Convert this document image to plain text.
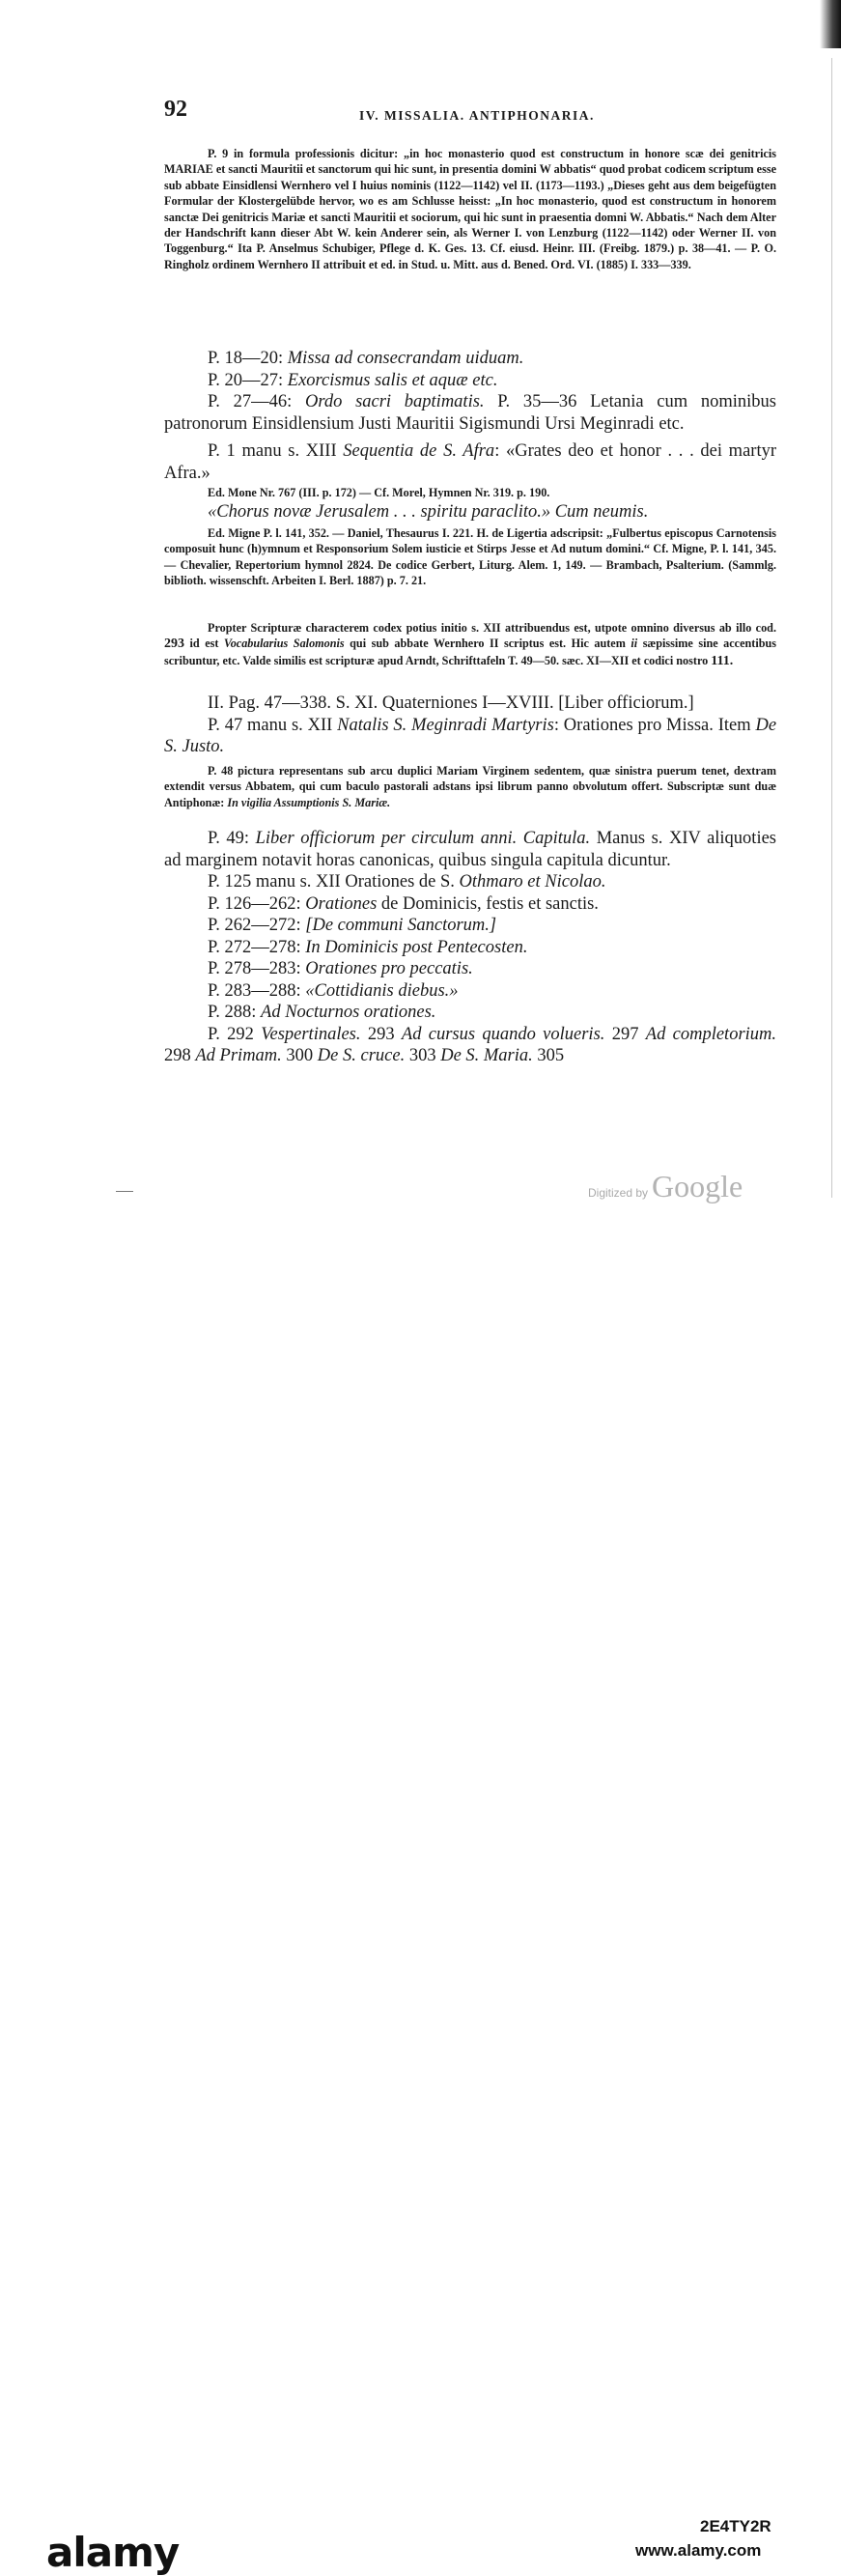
92	IV. MISSALIA. ANTIPHONARIA.

P. 9 in formula professionis dicitur: „in hoc monasterio quod est constructum in honore scæ dei genitricis MARIAE et sancti Mauritii et sanctorum qui hic sunt, in presentia domini W abbatis“ quod probat codicem scriptum esse sub abbate Einsidlensi Wernhero vel I huius nominis (1122—1142) vel II. (1173—1193.) „Dieses geht aus dem beigefügten Formular der Klostergelübde hervor, wo es am Schlusse heisst: „In hoc monasterio, quod est constructum in honorem sanctæ Dei genitricis Mariæ et sancti Mauritii et sociorum, qui hic sunt in praesentia domni W. Abbatis.“ Nach dem Alter der Handschrift kann dieser Abt W. kein Anderer sein, als Werner I. von Lenzburg (1122—1142) oder Werner II. von Toggenburg.“ Ita P. Anselmus Schubiger, Pflege d. K. Ges. 13. Cf. eiusd. Heinr. III. (Freibg. 1879.) p. 38—41. — P. O. Ringholz ordinem Wernhero II attribuit et ed. in Stud. u. Mitt. aus d. Bened. Ord. VI. (1885) I. 333—339.

P. 18—20: Missa ad consecrandam uiduam.

P. 20—27: Exorcismus salis et aquæ etc.

P. 27—46: Ordo sacri baptimatis. P. 35—36 Letania cum nominibus patronorum Einsidlensium Justi Mauritii Sigismundi Ursi Meginradi etc.

P. 1 manu s. XIII Sequentia de S. Afra: «Grates deo et honor . . . dei martyr Afra.»

Ed. Mone Nr. 767 (III. p. 172) — Cf. Morel, Hymnen Nr. 319. p. 190.

«Chorus novæ Jerusalem . . . spiritu paraclito.» Cum neumis.

Ed. Migne P. l. 141, 352. — Daniel, Thesaurus I. 221. H. de Ligertia adscripsit: „Fulbertus episcopus Carnotensis composuit hunc (h)ymnum et Responsorium Solem iusticie et Stirps Jesse et Ad nutum domini.“ Cf. Migne, P. l. 141, 345. — Chevalier, Repertorium hymnol 2824. De codice Gerbert, Liturg. Alem. 1, 149. — Brambach, Psalterium. (Sammlg. biblioth. wissenschft. Arbeiten I. Berl. 1887) p. 7. 21.

Propter Scripturæ characterem codex potius initio s. XII attribuendus est, utpote omnino diversus ab illo cod. 293 id est Vocabularius Salomonis qui sub abbate Wernhero II scriptus est. Hic autem ii sæpissime sine accentibus scribuntur, etc. Valde similis est scripturæ apud Arndt, Schrifttafeln T. 49—50. sæc. XI—XII et codici nostro 111.

II. Pag. 47—338. S. XI. Quaterniones I—XVIII. [Liber officiorum.]

P. 47 manu s. XII Natalis S. Meginradi Martyris: Orationes pro Missa. Item De S. Justo.

P. 48 pictura representans sub arcu duplici Mariam Virginem sedentem, quæ sinistra puerum tenet, dextram extendit versus Abbatem, qui cum baculo pastorali adstans ipsi librum panno obvolutum offert. Subscriptæ sunt duæ Antiphonæ: In vigilia Assumptionis S. Mariæ.

P. 49: Liber officiorum per circulum anni. Capitula. Manus s. XIV aliquoties ad marginem notavit horas canonicas, quibus singula capitula dicuntur.

P. 125 manu s. XII Orationes de S. Othmaro et Nicolao.

P. 126—262: Orationes de Dominicis, festis et sanctis.

P. 262—272: [De communi Sanctorum.]

P. 272—278: In Dominicis post Pentecosten.

P. 278—283: Orationes pro peccatis.

P. 283—288: «Cottidianis diebus.»

P. 288: Ad Nocturnos orationes.

P. 292 Vespertinales. 293 Ad cursus quando volueris. 297 Ad completorium. 298 Ad Primam. 300 De S. cruce. 303 De S. Maria. 305

Digitized by Google
alamy
2E4TY2R
www.alamy.com
